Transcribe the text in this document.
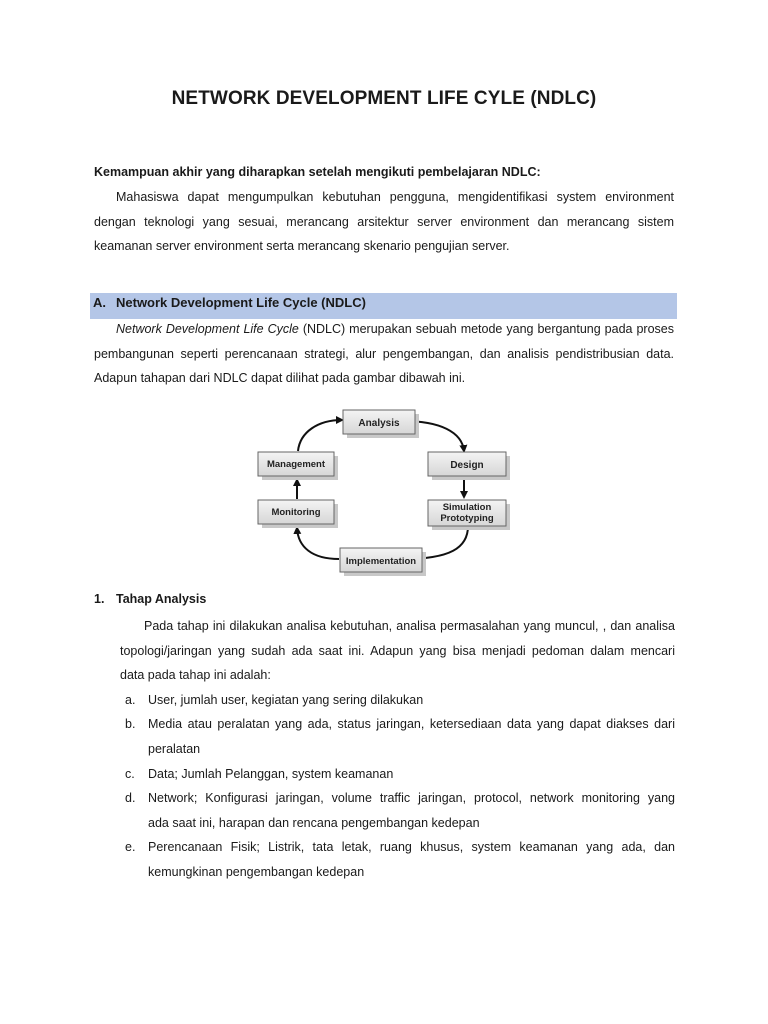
NETWORK DEVELOPMENT LIFE CYLE (NDLC)
Kemampuan akhir yang diharapkan setelah mengikuti pembelajaran NDLC:
Mahasiswa dapat mengumpulkan kebutuhan pengguna, mengidentifikasi system environment
dengan teknologi yang sesuai, merancang arsitektur server environment dan merancang sistem
keamanan server environment serta merancang skenario pengujian server.
A. Network Development Life Cycle (NDLC)
Network Development Life Cycle (NDLC) merupakan sebuah metode yang bergantung pada proses
pembangunan seperti perencanaan strategi, alur pengembangan, dan analisis pendistribusian data.
Adapun tahapan dari NDLC dapat dilihat pada gambar dibawah ini.
Analysis
Design
Simulation
Prototyping
Implementation
Monitoring
Management
1. Tahap Analysis
Pada tahap ini dilakukan analisa kebutuhan, analisa permasalahan yang muncul, , dan analisa
topologi/jaringan yang sudah ada saat ini. Adapun yang bisa menjadi pedoman dalam mencari
data pada tahap ini adalah:
a.	User, jumlah user, kegiatan yang sering dilakukan
b.	Media atau peralatan yang ada, status jaringan, ketersediaan data yang dapat diakses dari
peralatan
c.	Data; Jumlah Pelanggan, system keamanan
d.	Network; Konfigurasi jaringan, volume traffic jaringan, protocol, network monitoring yang
ada saat ini, harapan dan rencana pengembangan kedepan
e.	Perencanaan Fisik; Listrik, tata letak, ruang khusus, system keamanan yang ada, dan
kemungkinan pengembangan kedepan
